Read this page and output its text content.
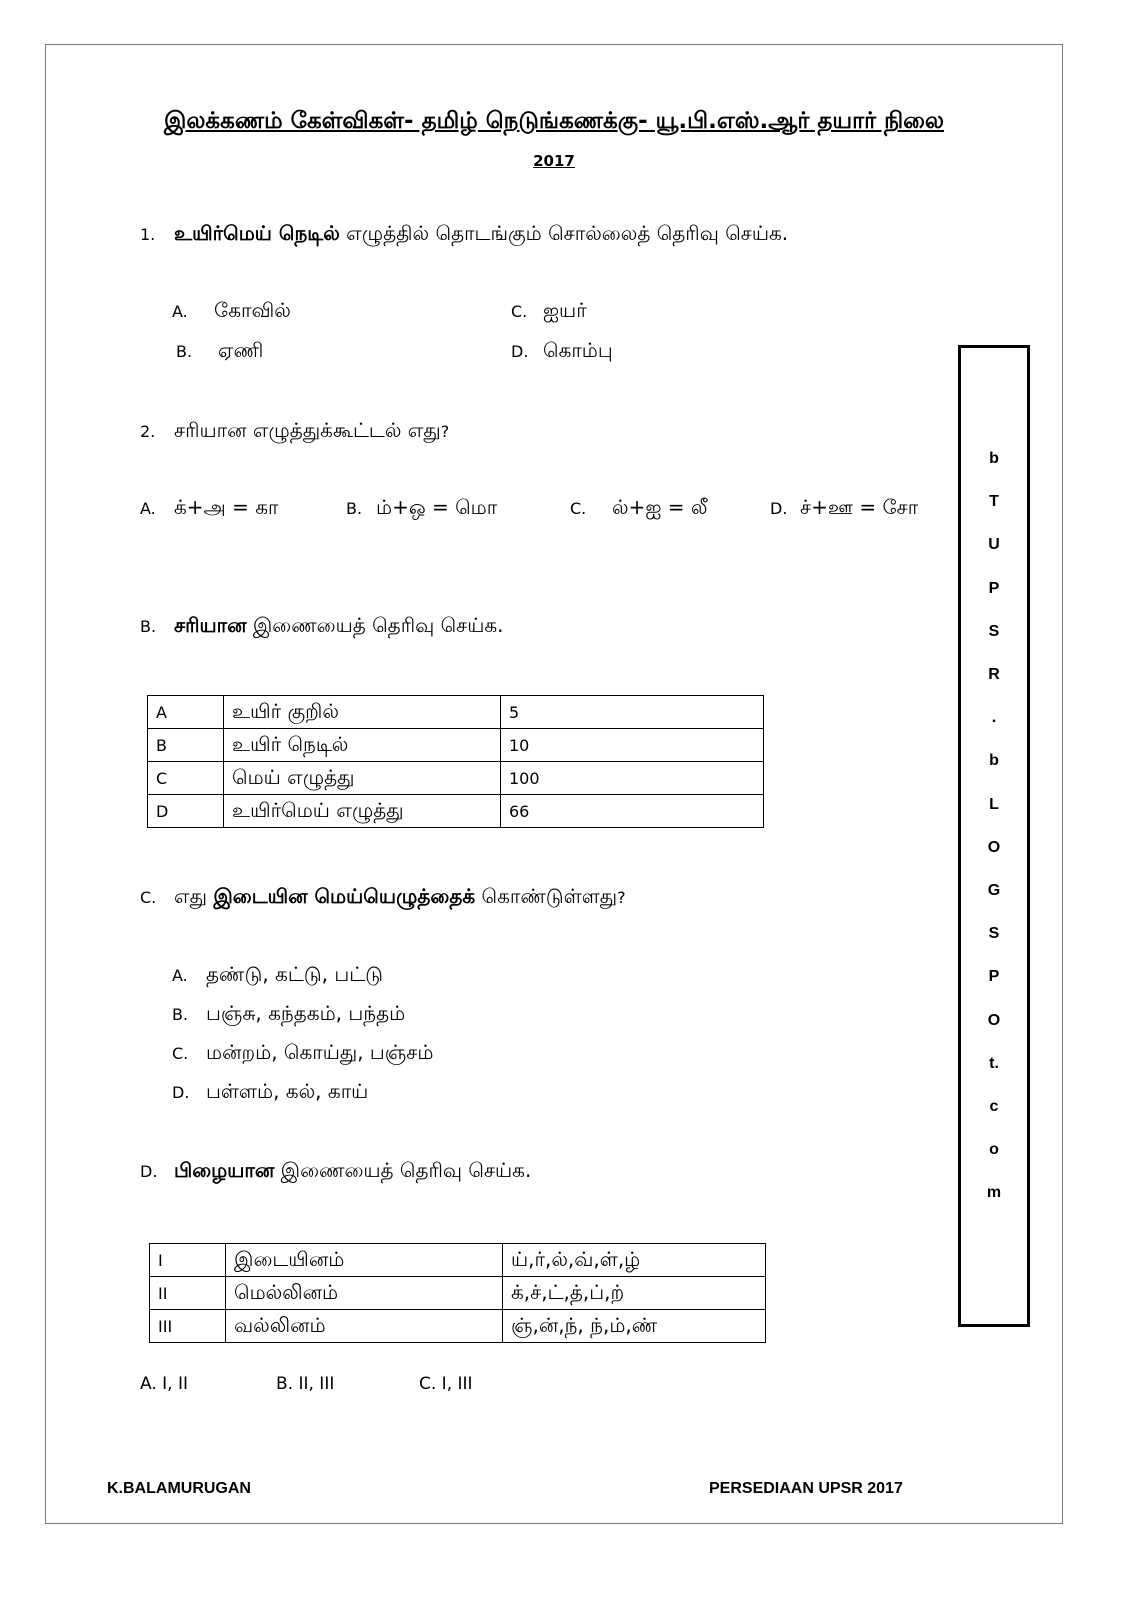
இலக்கணம் கேள்விகள்- தமிழ் நெடுங்கணக்கு- யூ.பி.எஸ்.ஆர் தயார் நிலை
2017
1. உயிர்மெய் நெடில் எழுத்தில் தொடங்கும் சொல்லைத் தெரிவு செய்க.
A. கோவில்
B. ஏணி
C. ஐயர்
D. கொம்பு
2. சரியான எழுத்துக்கூட்டல் எது?
A. க்+அ = கா	B. ம்+ஒ = மொ	C. ல்+ஐ = லீ	D. ச்+ஊ = சோ
B. சரியான இணையைத் தெரிவு செய்க.
A	உயிர் குறில்	5
B	உயிர் நெடில்	10
C	மெய் எழுத்து	100
D	உயிர்மெய் எழுத்து	66
C. எது இடையின மெய்யெழுத்தைக் கொண்டுள்ளது?
A. தண்டு, கட்டு, பட்டு
B. பஞ்சு, கந்தகம், பந்தம்
C. மன்றம், கொய்து, பஞ்சம்
D. பள்ளம், கல், காய்
D. பிழையான இணையைத் தெரிவு செய்க.
I	இடையினம்	ய்,ர்,ல்,வ்,ள்,ழ்
II	மெல்லினம்	க்,ச்,ட்,த்,ப்,ற்
III	வல்லினம்	ஞ்,ன்,ந், ந்,ம்,ண்
A. I, II	B. II, III	C. I, III
b
T
U
P
S
R
.
b
L
O
G
S
P
O
t.
c
o
m
K.BALAMURUGAN	PERSEDIAAN UPSR 2017
